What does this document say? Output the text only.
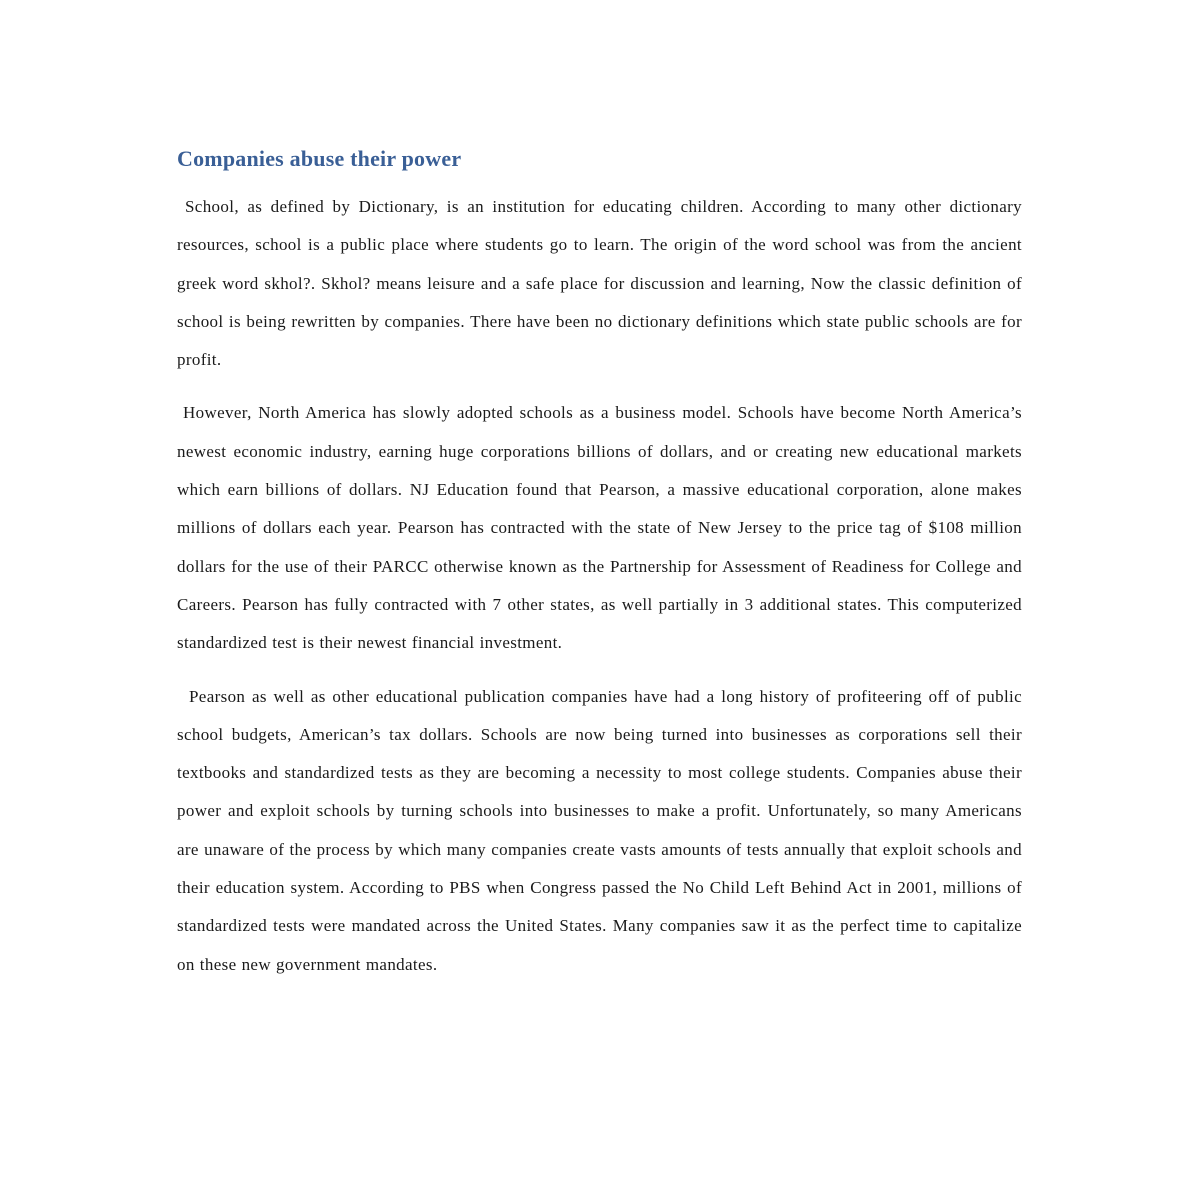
Companies abuse their power

School, as defined by Dictionary, is an institution for educating children. According to many other dictionary resources, school is a public place where students go to learn. The origin of the word school was from the ancient greek word skhol?. Skhol? means leisure and a safe place for discussion and learning, Now the classic definition of school is being rewritten by companies. There have been no dictionary definitions which state public schools are for profit.

However, North America has slowly adopted schools as a business model. Schools have become North America’s newest economic industry, earning huge corporations billions of dollars, and or creating new educational markets which earn billions of dollars. NJ Education found that Pearson, a massive educational corporation, alone makes millions of dollars each year. Pearson has contracted with the state of New Jersey to the price tag of $108 million dollars for the use of their PARCC otherwise known as the Partnership for Assessment of Readiness for College and Careers. Pearson has fully contracted with 7 other states, as well partially in 3 additional states. This computerized standardized test is their newest financial investment.

Pearson as well as other educational publication companies have had a long history of profiteering off of public school budgets, American’s tax dollars. Schools are now being turned into businesses as corporations sell their textbooks and standardized tests as they are becoming a necessity to most college students. Companies abuse their power and exploit schools by turning schools into businesses to make a profit. Unfortunately, so many Americans are unaware of the process by which many companies create vasts amounts of tests annually that exploit schools and their education system. According to PBS when Congress passed the No Child Left Behind Act in 2001, millions of standardized tests were mandated across the United States. Many companies saw it as the perfect time to capitalize on these new government mandates.
